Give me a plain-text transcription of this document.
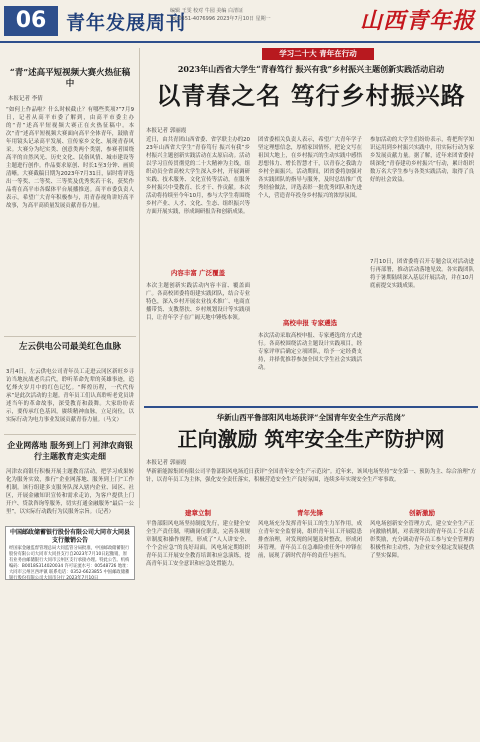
06	青年发展周刊
编辑 王雯 校对 牛园 美编 白清证
Tel:0351-4076996 2023年7月10日 星期一	山西青年报
“青”述高平短视频大赛火热征稿中
本报记者 李倩
“如何上作品啦？什么时候截止？有哪些奖项?”7月9日，记者从高平市委了解到，由高平市委主办的“青”述高平短视频大赛正在火热征稿中。本次“青”述高平短视频大赛面向高平全体青年，鼓励青年用镜头记录高平发展、宣传家乡文化、展现青春风采。大赛分为纪实类、创意类两个类别，参赛者围绕高平的自然风光、历史文化、民俗风情、城市建设等主题进行创作。作品要求原创、时长1至3分钟、画质清晰。大赛截稿日期为2023年7月31日，届时将评选出一等奖、二等奖、三等奖及优秀奖若干名，获奖作品将在高平市各媒体平台展播推送。高平市委负责人表示，希望广大青年积极参与，用青春视角讲好高平故事，为高平高质量发展贡献青春力量。
左云供电公司最美红色血脉
3月4日，左云供电公司青年员工走进云冈区新旺乡寻访当地抗战老兵后代，聆听革命先辈的英雄事迹，追忆烽火岁月中的红色记忆。“辉煌历程，一代代传承”是此次活动的主题。青年员工们认真聆听老党员讲述当年的革命故事，深受教育和鼓舞。大家纷纷表示，要传承红色基因，赓续精神血脉，立足岗位，以实际行动为电力事业发展贡献青春力量。（马文）
企业网落地 服务到上门 河津农商银行主题教育走实走细
河津农商银行积极开展主题教育活动，把学习成果转化为服务实效，推行“企业网落地、服务到上门”工作机制。该行组建多支服务队深入辖内企业、园区、社区，开展金融知识宣传和需求走访，为客户提供上门开户、贷款咨询等服务，切实打通金融服务“最后一公里”，以实际行动践行为民服务宗旨。（记者）
中国邮政储蓄银行股份有限公司大同市大同县支行撤销公告
经国家金融监督管理总局大同监管分局批准，中国邮政储蓄银行股份有限公司大同市大同县支行自2023年7月10日起撤销，原有业务由邮储银行大同市云州区支行承接办理。特此公告。机构编码：B0018S314020034 许可证流水号：00548726 地址：大同市云州区西坪镇 联系电话：0352-6623855 中国邮政储蓄银行股份有限公司大同市分行 2023年7月10日
学习二十大 青年在行动
2023年山西省大学生“青春笃行 振兴有我”乡村振兴主题创新实践活动启动
以青春之名 笃行乡村振兴路
本报记者 郭丽霞
近日，由共青团山西省委、省学联主办的2023年山西省大学生“青春笃行 振兴有我”乡村振兴主题创新实践活动在太原启动。活动以学习宣传贯彻党的二十大精神为主线，组织动员全省高校大学生深入乡村，开展调研实践、技术服务、文化宣传等活动，在服务乡村振兴中受教育、长才干、作贡献。本次活动将持续至今年10月，参与大学生将围绕乡村产业、人才、文化、生态、组织振兴等方面开展实践，形成调研报告和创新成果。
内容丰富 广泛覆盖
本次主题创新实践活动内容丰富、覆盖面广。各高校团委将组建实践团队，结合专业特色，深入乡村开展农业技术推广、电商直播带货、支教帮扶、乡村规划设计等实践项目，让青年学子在广阔天地中锤炼本领。
团省委相关负责人表示，希望广大青年学子坚定理想信念，厚植家国情怀，把论文写在祖国大地上，在乡村振兴的生动实践中感悟思想伟力、增长智慧才干，以青春之我助力乡村全面振兴。活动期间，团省委将加强对各实践团队的指导与服务，及时总结推广优秀经验做法，评选表彰一批优秀团队和先进个人，营造青年投身乡村振兴的浓厚氛围。
高校申报 专家遴选
本次活动采取高校申报、专家遴选的方式进行。各高校围绕活动主题设计实践项目，经专家评审后确定立项团队，给予一定经费支持，并择优推荐参加全国大学生社会实践活动。
参加活动的大学生们纷纷表示，将把所学知识运用到乡村振兴实践中，用实际行动为家乡发展贡献力量。据了解，近年来团省委持续深化“青春建功乡村振兴”行动，累计组织数万名大学生参与各类实践活动，取得了良好的社会效益。
7月10日，团省委将召开专题会议对活动进行再部署，推动活动落地见效。各实践团队将于暑期陆续深入基层开展活动，并在10月底前提交实践成果。
华新山西平鲁部阳风电场获评“全国青年安全生产示范岗”
正向激励 筑牢安全生产防护网
本报记者 郭丽霞
华新新能源集团有限公司平鲁部阳风电场近日获评“全国青年安全生产示范岗”。近年来，该风电场坚持“安全第一、预防为主、综合治理”方针，以青年员工为主体，强化安全责任落实，积极营造安全生产良好氛围，连续多年实现安全生产零事故。
建章立制
平鲁部阳风电场坚持制度先行，建立健全安全生产责任制，明确岗位职责，完善各项规章制度和操作规程，形成了“人人讲安全、个个会应急”的良好局面。风电场定期组织青年员工开展安全教育培训和应急演练，提高青年员工安全意识和应急处置能力。
青年先锋
风电场充分发挥青年员工的生力军作用，成立青年安全监督岗，组织青年员工开展隐患排查治理，对发现的问题及时整改，形成闭环管理。青年员工在急难险重任务中冲锋在前，展现了新时代青年的责任与担当。
创新激励
风电场创新安全管理方式，建立安全生产正向激励机制，对表现突出的青年员工予以表彰奖励，充分调动青年员工参与安全管理的积极性和主动性，为企业安全稳定发展提供了坚实保障。
